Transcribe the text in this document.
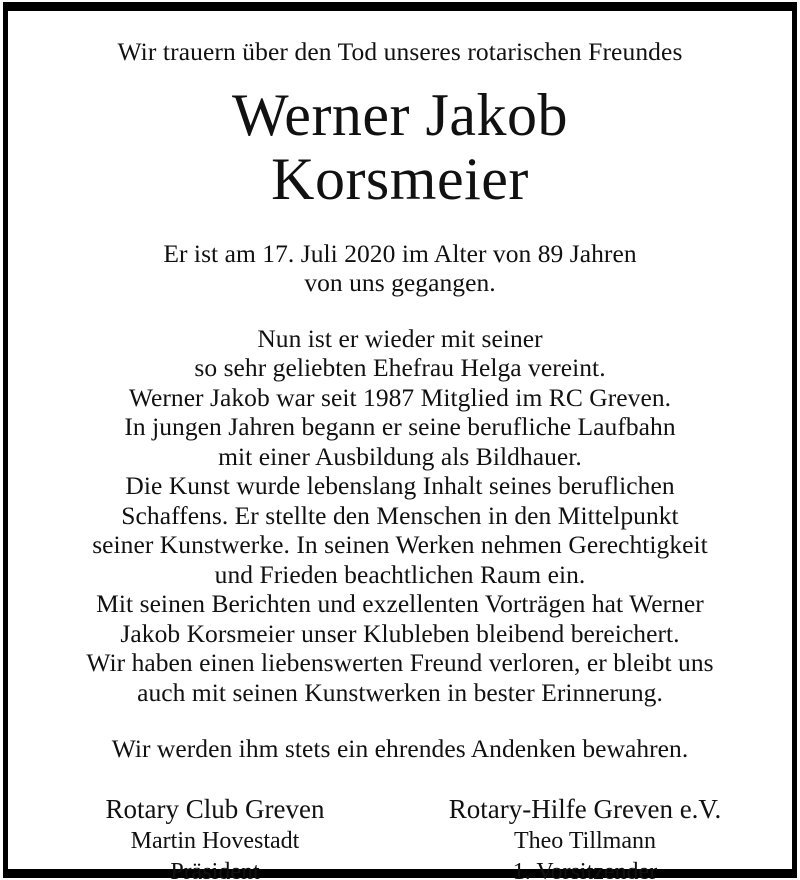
Wir trauern über den Tod unseres rotarischen Freundes

Werner Jakob
Korsmeier

Er ist am 17. Juli 2020 im Alter von 89 Jahren
von uns gegangen.

Nun ist er wieder mit seiner
so sehr geliebten Ehefrau Helga vereint.
Werner Jakob war seit 1987 Mitglied im RC Greven.
In jungen Jahren begann er seine berufliche Laufbahn
mit einer Ausbildung als Bildhauer.
Die Kunst wurde lebenslang Inhalt seines beruflichen
Schaffens. Er stellte den Menschen in den Mittelpunkt
seiner Kunstwerke. In seinen Werken nehmen Gerechtigkeit
und Frieden beachtlichen Raum ein.
Mit seinen Berichten und exzellenten Vorträgen hat Werner
Jakob Korsmeier unser Klubleben bleibend bereichert.
Wir haben einen liebenswerten Freund verloren, er bleibt uns
auch mit seinen Kunstwerken in bester Erinnerung.

Wir werden ihm stets ein ehrendes Andenken bewahren.

Rotary Club Greven

Martin Hovestadt

Präsident

Rotary-Hilfe Greven e.V.

Theo Tillmann

1. Vorsitzender
